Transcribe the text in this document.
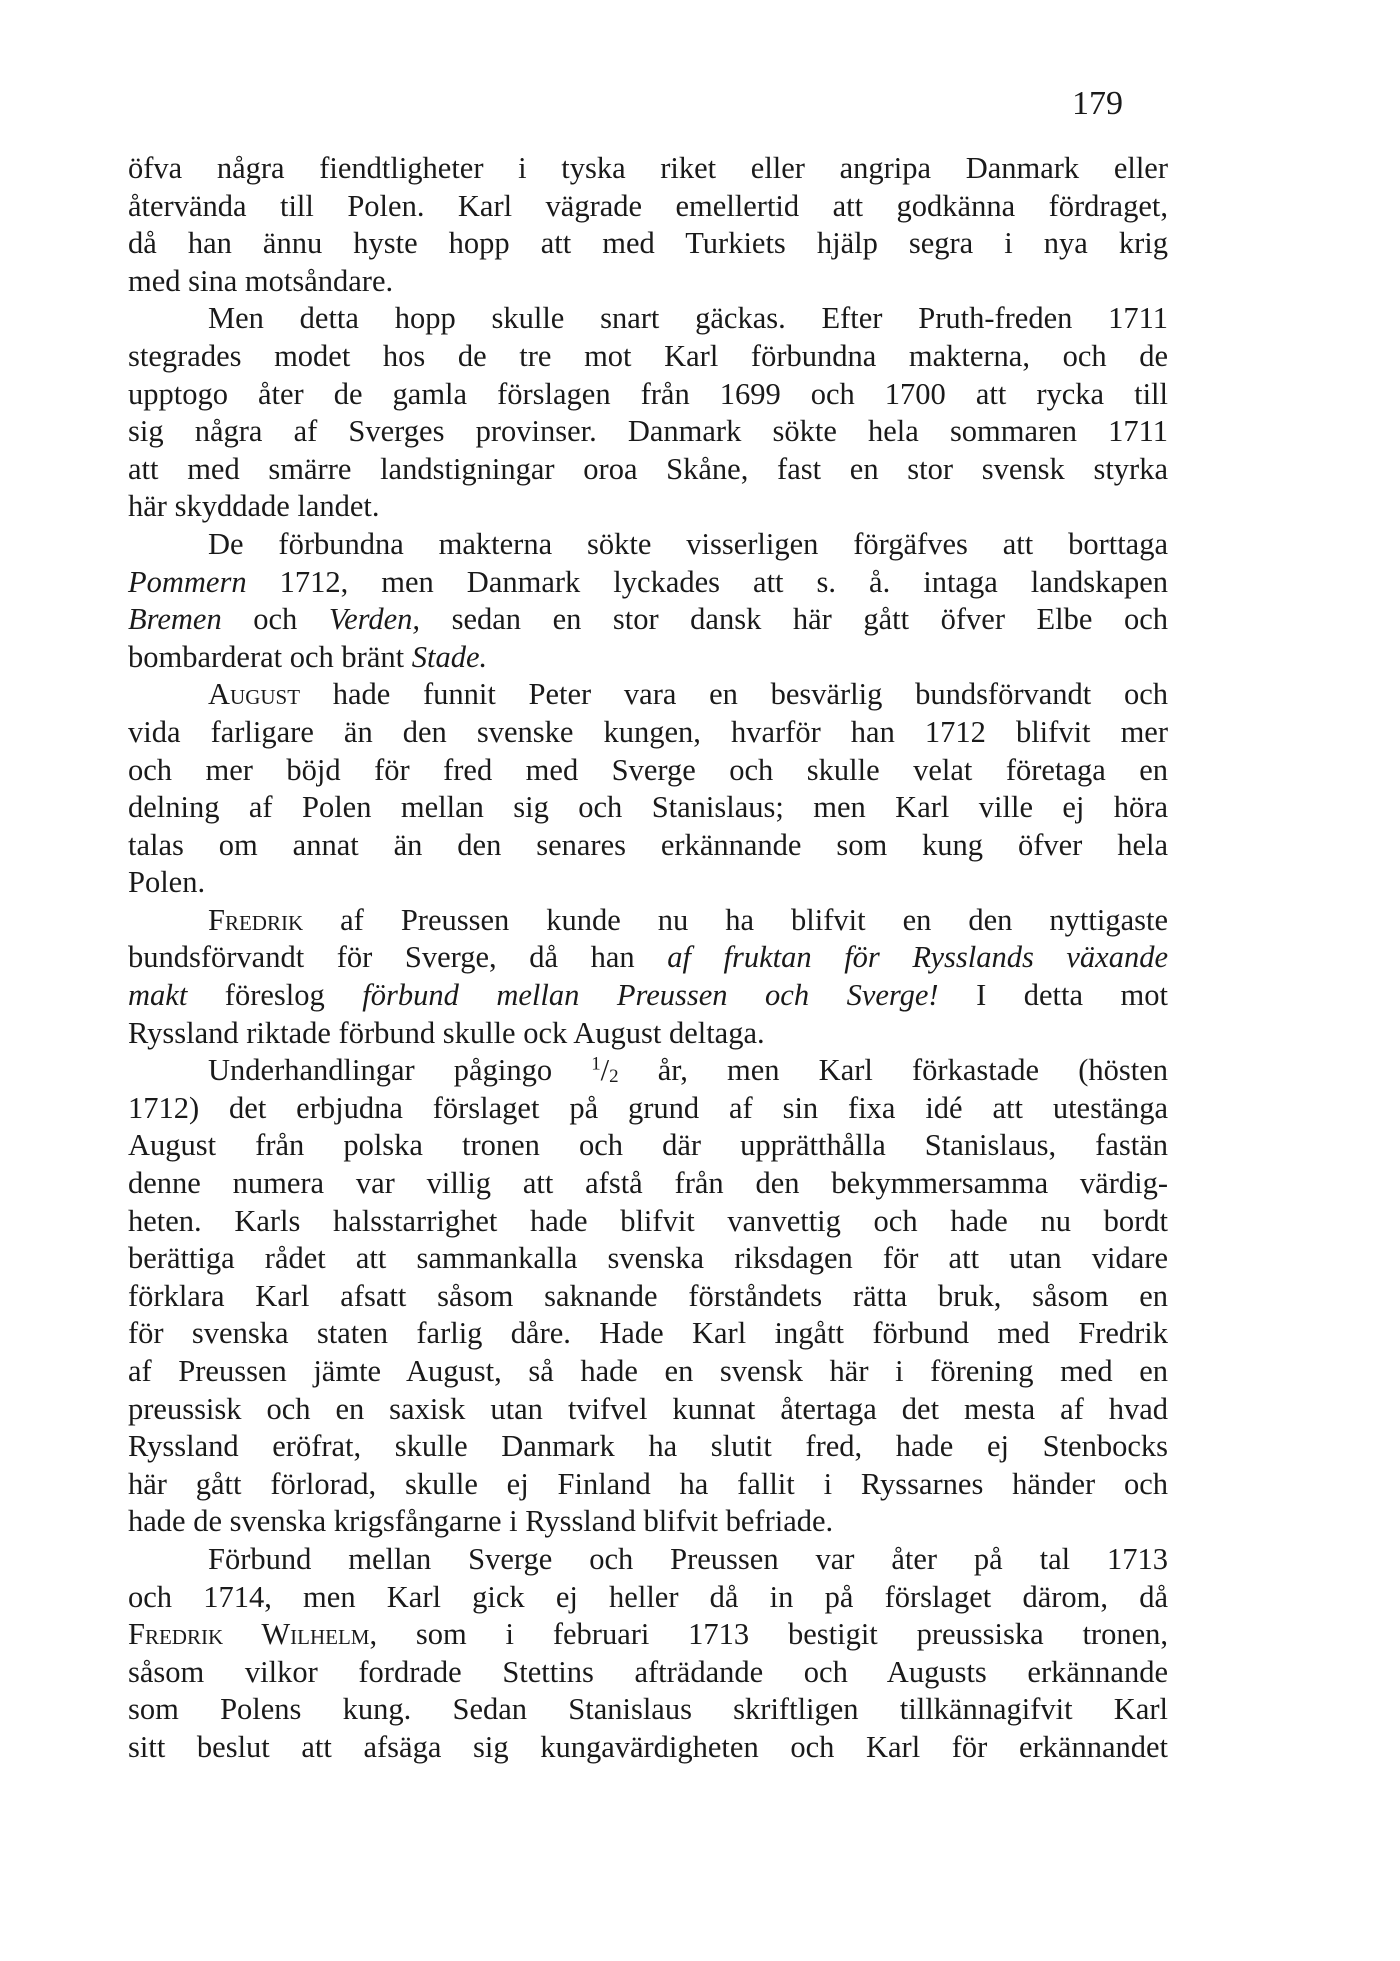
179
öfva några fiendtligheter i tyska riket eller angripa Danmark eller
återvända till Polen. Karl vägrade emellertid att godkänna fördraget,
då han ännu hyste hopp att med Turkiets hjälp segra i nya krig
med sina motsåndare.
Men detta hopp skulle snart gäckas. Efter Pruth-freden 1711
stegrades modet hos de tre mot Karl förbundna makterna, och de
upptogo åter de gamla förslagen från 1699 och 1700 att rycka till
sig några af Sverges provinser. Danmark sökte hela sommaren 1711
att med smärre landstigningar oroa Skåne, fast en stor svensk styrka
här skyddade landet.
De förbundna makterna sökte visserligen förgäfves att borttaga
Pommern 1712, men Danmark lyckades att s. å. intaga landskapen
Bremen och Verden, sedan en stor dansk här gått öfver Elbe och
bombarderat och bränt Stade.
August hade funnit Peter vara en besvärlig bundsförvandt och
vida farligare än den svenske kungen, hvarför han 1712 blifvit mer
och mer böjd för fred med Sverge och skulle velat företaga en
delning af Polen mellan sig och Stanislaus; men Karl ville ej höra
talas om annat än den senares erkännande som kung öfver hela
Polen.
Fredrik af Preussen kunde nu ha blifvit en den nyttigaste
bundsförvandt för Sverge, då han af fruktan för Rysslands växande
makt föreslog förbund mellan Preussen och Sverge! I detta mot
Ryssland riktade förbund skulle ock August deltaga.
Underhandlingar pågingo $^1/_2$ år, men Karl förkastade (hösten
1712) det erbjudna förslaget på grund af sin fixa idé att utestänga
August från polska tronen och där upprätthålla Stanislaus, fastän
denne numera var villig att afstå från den bekymmersamma värdig-
heten. Karls halsstarrighet hade blifvit vanvettig och hade nu bordt
berättiga rådet att sammankalla svenska riksdagen för att utan vidare
förklara Karl afsatt såsom saknande förståndets rätta bruk, såsom en
för svenska staten farlig dåre. Hade Karl ingått förbund med Fredrik
af Preussen jämte August, så hade en svensk här i förening med en
preussisk och en saxisk utan tvifvel kunnat återtaga det mesta af hvad
Ryssland eröfrat, skulle Danmark ha slutit fred, hade ej Stenbocks
här gått förlorad, skulle ej Finland ha fallit i Ryssarnes händer och
hade de svenska krigsfångarne i Ryssland blifvit befriade.
Förbund mellan Sverge och Preussen var åter på tal 1713
och 1714, men Karl gick ej heller då in på förslaget därom, då
Fredrik Wilhelm, som i februari 1713 bestigit preussiska tronen,
såsom vilkor fordrade Stettins afträdande och Augusts erkännande
som Polens kung. Sedan Stanislaus skriftligen tillkännagifvit Karl
sitt beslut att afsäga sig kungavärdigheten och Karl för erkännandet
